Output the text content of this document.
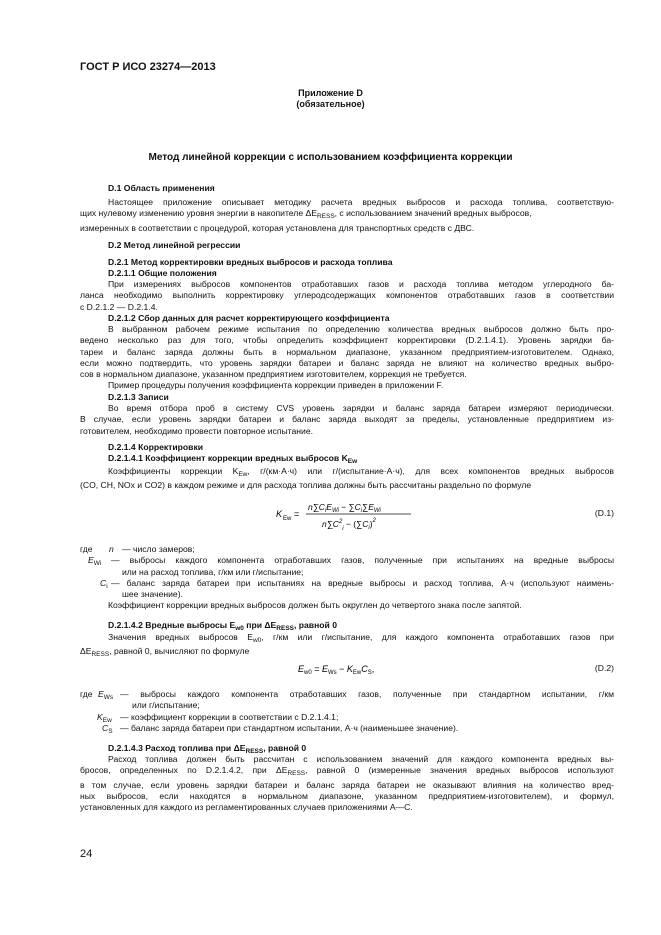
ГОСТ Р ИСО 23274—2013
Приложение D
(обязательное)
Метод линейной коррекции с использованием коэффициента коррекции
D.1 Область применения
Настоящее приложение описывает методику расчета вредных выбросов и расхода топлива, соответствую-
щих нулевому изменению уровня энергии в накопителе $\Delta E_{RESS}$, с использованием значений вредных выбросов,
измеренных в соответствии с процедурой, которая установлена для транспортных средств с ДВС.
D.2 Метод линейной регрессии
D.2.1 Метод корректировки вредных выбросов и расхода топлива
D.2.1.1 Общие положения
При измерениях выбросов компонентов отработавших газов и расхода топлива методом углеродного ба-
ланса необходимо выполнить корректировку углеродсодержащих компонентов отработавших газов в соответствии
с D.2.1.2 — D.2.1.4.
D.2.1.2 Сбор данных для расчет корректирующего коэффициента
В выбранном рабочем режиме испытания по определению количества вредных выбросов должно быть про-
ведено несколько раз для того, чтобы определить коэффициент корректировки (D.2.1.4.1). Уровень зарядки ба-
тареи и баланс заряда должны быть в нормальном диапазоне, указанном предприятием-изготовителем. Однако,
если можно подтвердить, что уровень зарядки батареи и баланс заряда не влияют на количество вредных выбро-
сов в нормальном диапазоне, указанном предприятием изготовителем, коррекция не требуется.
Пример процедуры получения коэффициента коррекции приведен в приложении F.
D.2.1.3 Записи
Во время отбора проб в систему CVS уровень зарядки и баланс заряда батареи измеряют периодически.
В случае, если уровень зарядки батареи и баланс заряда выходят за пределы, установленные предприятием из-
готовителем, необходимо провести повторное испытание.
D.2.1.4 Корректировки
D.2.1.4.1 Коэффициент коррекции вредных выбросов $K_{Ew}$
Коэффициенты коррекции $K_{Ew}$, г/(км·А·ч) или г/(испытание·А·ч), для всех компонентов вредных выбросов
(CO, CH, NOx и CO2) в каждом режиме и для расхода топлива должны быть рассчитаны раздельно по формуле
K Ew =
$n\sum C_iE_{Wi} - \sum C_i\sum E_{Wi}$
$n\sum C^2_i - (\sum C_i)^2$
(D.1)
где n — число замеров;
$E_{Wi}$ — выбросы каждого компонента отработавших газов, полученные при испытаниях на вредные выбросы
или на расход топлива, г/км или г/испытание;
$C_i$ — баланс заряда батареи при испытаниях на вредные выбросы и расход топлива, А·ч (используют наимень-
шее значение).
Коэффициент коррекции вредных выбросов должен быть округлен до четвертого знака после запятой.
D.2.1.4.2 Вредные выбросы $E_{w0}$ при $\Delta E_{RESS}$, равной 0
Значения вредных выбросов $E_{w0}$, г/км или г/испытание, для каждого компонента отработавших газов при
$\Delta E_{RESS}$, равной 0, вычисляют по формуле
$E_{w0} = E_{Ws} - K_{Ew}C_S$,	(D.2)
где $E_{Ws}$ — выбросы каждого компонента отработавших газов, полученные при стандартном испытании, г/км
или г/испытание;
$K_{Ew}$ — коэффициент коррекции в соответствии с D.2.1.4.1;
$C_S$ — баланс заряда батареи при стандартном испытании, А·ч (наименьшее значение).
D.2.1.4.3 Расход топлива при $\Delta E_{RESS}$, равной 0
Расход топлива должен быть рассчитан с использованием значений для каждого компонента вредных вы-
бросов, определенных по D.2.1.4.2, при $\Delta E_{RESS}$, равной 0 (измеренные значения вредных выбросов используют
в том случае, если уровень зарядки батареи и баланс заряда батареи не оказывают влияния на количество вред-
ных выбросов, если находятся в нормальном диапазоне, указанном предприятием-изготовителем), и формул,
установленных для каждого из регламентированных случаев приложениями А—С.
24
